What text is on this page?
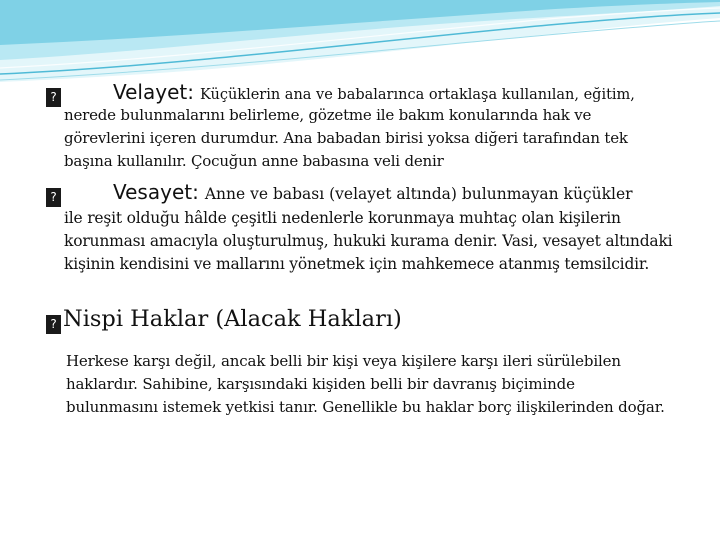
?	Velayet: Küçüklerin ana ve babalarınca ortaklaşa kullanılan, eğitim,
nerede bulunmalarını belirleme, gözetme ile bakım konularında hak ve görevlerini içeren durumdur. Ana babadan birisi yoksa diğeri tarafından tek başına kullanılır. Çocuğun anne babasına veli denir
?	Vesayet: Anne ve babası (velayet altında) bulunmayan küçükler
ile reşit olduğu hâlde çeşitli nedenlerle korunmaya muhtaç olan kişilerin korunması amacıyla oluşturulmuş, hukuki kurama denir. Vasi, vesayet altındaki kişinin kendisini ve mallarını yönetmek için mahkemece atanmış temsilcidir.
? Nispi Haklar (Alacak Hakları)
Herkese karşı değil, ancak belli bir kişi veya kişilere karşı ileri sürülebilen haklardır. Sahibine, karşısındaki kişiden belli bir davranış biçiminde bulunmasını istemek yetkisi tanır. Genellikle bu haklar borç ilişkilerinden doğar.
